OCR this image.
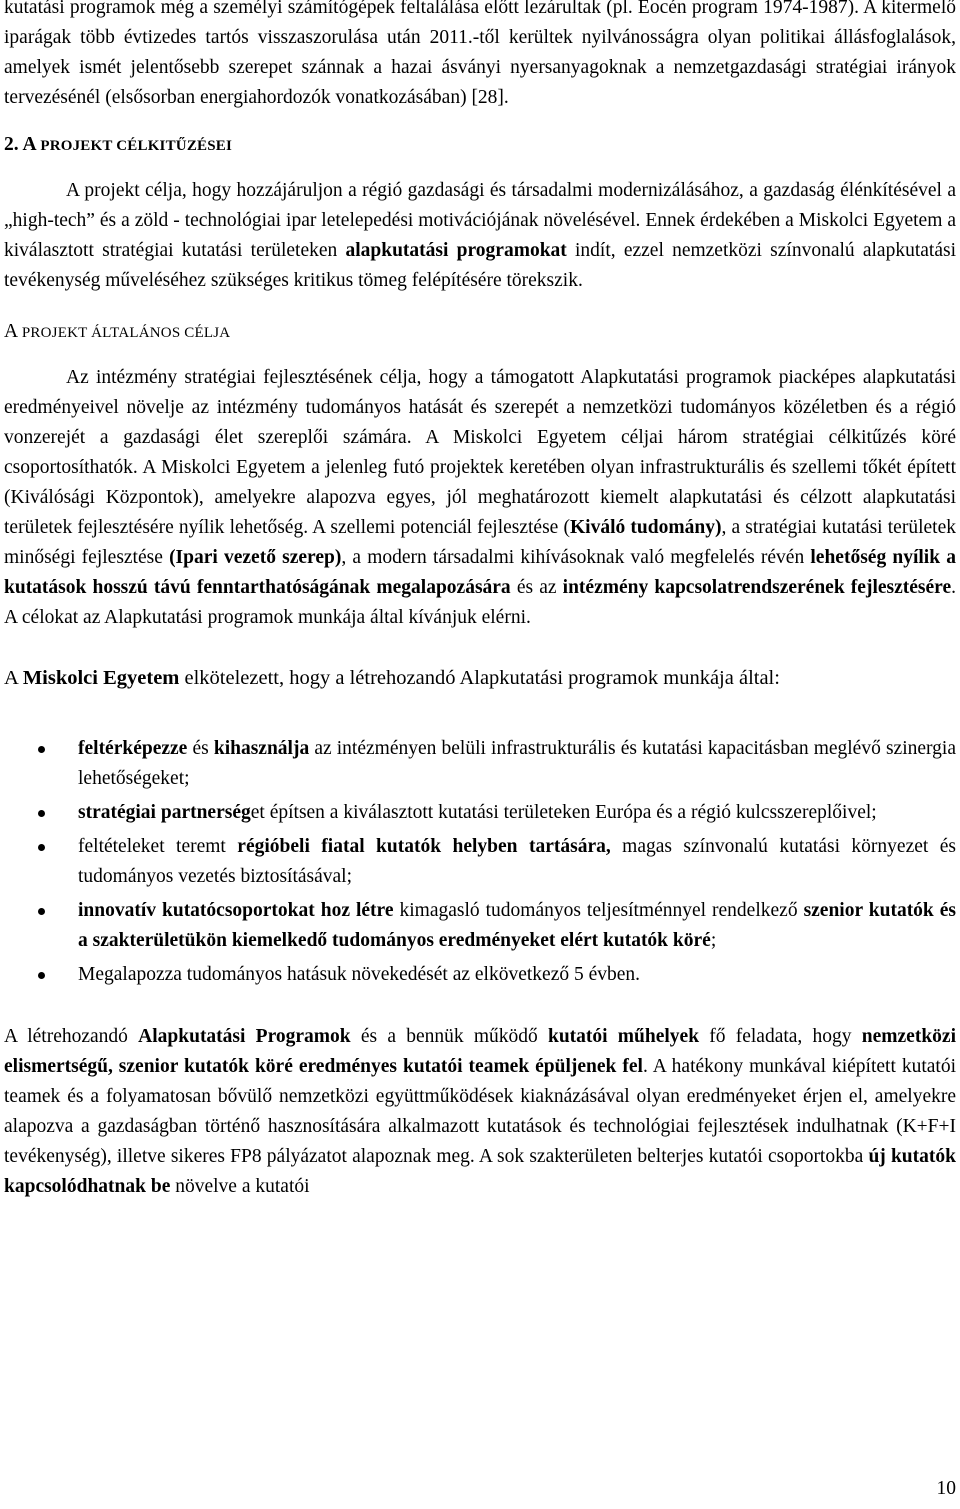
kutatási programok még a személyi számítógépek feltalálása előtt lezárultak (pl. Eocén program 1974-1987). A kitermelő iparágak több évtizedes tartós visszaszorulása után 2011.-től kerültek nyilvánosságra olyan politikai állásfoglalások, amelyek ismét jelentősebb szerepet szánnak a hazai ásványi nyersanyagoknak a nemzetgazdasági stratégiai irányok tervezésénél (elsősorban energiahordozók vonatkozásában) [28].

2. A PROJEKT CÉLKITŰZÉSEI

A projekt célja, hogy hozzájáruljon a régió gazdasági és társadalmi modernizálásához, a gazdaság élénkítésével a „high-tech” és a zöld - technológiai ipar letelepedési motivációjának növelésével. Ennek érdekében a Miskolci Egyetem a kiválasztott stratégiai kutatási területeken alapkutatási programokat indít, ezzel nemzetközi színvonalú alapkutatási tevékenység műveléséhez szükséges kritikus tömeg felépítésére törekszik.

A PROJEKT ÁLTALÁNOS CÉLJA

Az intézmény stratégiai fejlesztésének célja, hogy a támogatott Alapkutatási programok piacképes alapkutatási eredményeivel növelje az intézmény tudományos hatását és szerepét a nemzetközi tudományos közéletben és a régió vonzerejét a gazdasági élet szereplői számára. A Miskolci Egyetem céljai három stratégiai célkitűzés köré csoportosíthatók. A Miskolci Egyetem a jelenleg futó projektek keretében olyan infrastrukturális és szellemi tőkét épített (Kiválósági Központok), amelyekre alapozva egyes, jól meghatározott kiemelt alapkutatási és célzott alapkutatási területek fejlesztésére nyílik lehetőség. A szellemi potenciál fejlesztése (Kiváló tudomány), a stratégiai kutatási területek minőségi fejlesztése (Ipari vezető szerep), a modern társadalmi kihívásoknak való megfelelés révén lehetőség nyílik a kutatások hosszú távú fenntarthatóságának megalapozására és az intézmény kapcsolatrendszerének fejlesztésére. A célokat az Alapkutatási programok munkája által kívánjuk elérni.

A Miskolci Egyetem elkötelezett, hogy a létrehozandó Alapkutatási programok munkája által:

feltérképezze és kihasználja az intézményen belüli infrastrukturális és kutatási kapacitásban meglévő szinergia lehetőségeket;
stratégiai partnerséget építsen a kiválasztott kutatási területeken Európa és a régió kulcsszereplőivel;
feltételeket teremt régióbeli fiatal kutatók helyben tartására, magas színvonalú kutatási környezet és tudományos vezetés biztosításával;
innovatív kutatócsoportokat hoz létre kimagasló tudományos teljesítménnyel rendelkező szenior kutatók és a szakterületükön kiemelkedő tudományos eredményeket elért kutatók köré;
Megalapozza tudományos hatásuk növekedését az elkövetkező 5 évben.

A létrehozandó Alapkutatási Programok és a bennük működő kutatói műhelyek fő feladata, hogy nemzetközi elismertségű, szenior kutatók köré eredményes kutatói teamek épüljenek fel. A hatékony munkával kiépített kutatói teamek és a folyamatosan bővülő nemzetközi együttműködések kiaknázásával olyan eredményeket érjen el, amelyekre alapozva a gazdaságban történő hasznosítására alkalmazott kutatások és technológiai fejlesztések indulhatnak (K+F+I tevékenység), illetve sikeres FP8 pályázatot alapoznak meg. A sok szakterületen belterjes kutatói csoportokba új kutatók kapcsolódhatnak be növelve a kutatói

10
